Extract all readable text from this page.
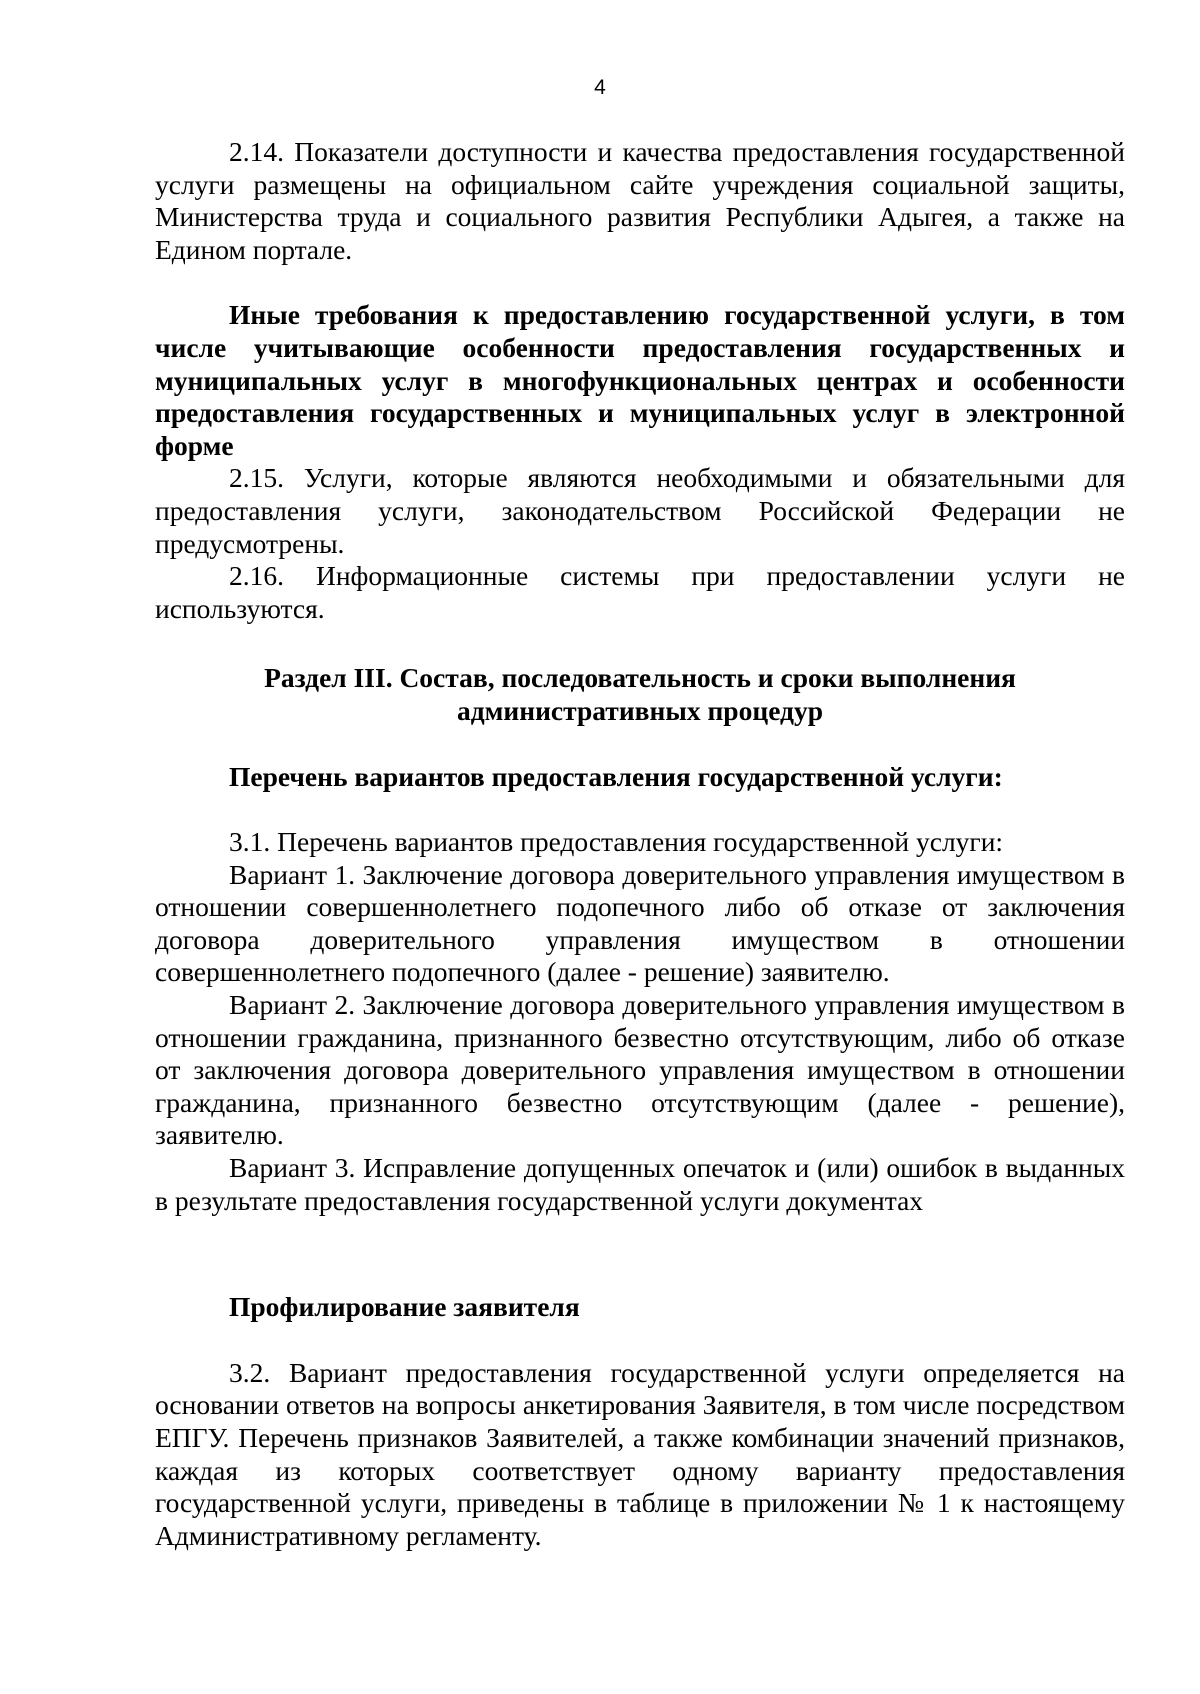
4

2.14. Показатели доступности и качества предоставления государственной услуги размещены на официальном сайте учреждения социальной защиты, Министерства труда и социального развития Республики Адыгея, а также на Едином портале.

Иные требования к предоставлению государственной услуги, в том числе учитывающие особенности предоставления государственных и муниципальных услуг в многофункциональных центрах и особенности предоставления государственных и муниципальных услуг в электронной форме

2.15. Услуги, которые являются необходимыми и обязательными для предоставления услуги, законодательством Российской Федерации не предусмотрены.

2.16. Информационные системы при предоставлении услуги не используются.

Раздел III. Состав, последовательность и сроки выполнения

административных процедур

Перечень вариантов предоставления государственной услуги:

3.1. Перечень вариантов предоставления государственной услуги:

Вариант 1. Заключение договора доверительного управления имуществом в отношении совершеннолетнего подопечного либо об отказе от заключения договора доверительного управления имуществом в отношении совершеннолетнего подопечного (далее - решение) заявителю.

Вариант 2. Заключение договора доверительного управления имуществом в отношении гражданина, признанного безвестно отсутствующим, либо об отказе от заключения договора доверительного управления имуществом в отношении гражданина, признанного безвестно отсутствующим (далее - решение), заявителю.

Вариант 3. Исправление допущенных опечаток и (или) ошибок в выданных в результате предоставления государственной услуги документах

Профилирование заявителя

3.2. Вариант предоставления государственной услуги определяется на основании ответов на вопросы анкетирования Заявителя, в том числе посредством ЕПГУ. Перечень признаков Заявителей, а также комбинации значений признаков, каждая из которых соответствует одному варианту предоставления государственной услуги, приведены в таблице в приложении № 1 к настоящему Административному регламенту.
